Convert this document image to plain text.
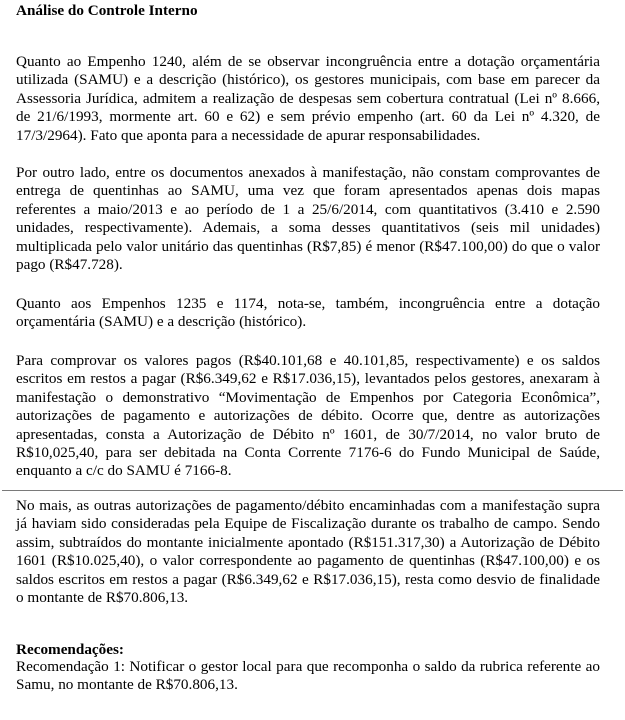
Análise do Controle Interno

Quanto ao Empenho 1240, além de se observar incongruência entre a dotação orçamentária utilizada (SAMU) e a descrição (histórico), os gestores municipais, com base em parecer da Assessoria Jurídica, admitem a realização de despesas sem cobertura contratual (Lei nº 8.666, de 21/6/1993, mormente art. 60 e 62) e sem prévio empenho (art. 60 da Lei nº 4.320, de 17/3/2964). Fato que aponta para a necessidade de apurar responsabilidades.

Por outro lado, entre os documentos anexados à manifestação, não constam comprovantes de entrega de quentinhas ao SAMU, uma vez que foram apresentados apenas dois mapas referentes a maio/2013 e ao período de 1 a 25/6/2014, com quantitativos (3.410 e 2.590 unidades, respectivamente). Ademais, a soma desses quantitativos (seis mil unidades) multiplicada pelo valor unitário das quentinhas (R$7,85) é menor (R$47.100,00) do que o valor pago (R$47.728).

Quanto aos Empenhos 1235 e 1174, nota-se, também, incongruência entre a dotação orçamentária (SAMU) e a descrição (histórico).

Para comprovar os valores pagos (R$40.101,68 e 40.101,85, respectivamente) e os saldos escritos em restos a pagar (R$6.349,62 e R$17.036,15), levantados pelos gestores, anexaram à manifestação o demonstrativo “Movimentação de Empenhos por Categoria Econômica”, autorizações de pagamento e autorizações de débito. Ocorre que, dentre as autorizações apresentadas, consta a Autorização de Débito nº 1601, de 30/7/2014, no valor bruto de R$10,025,40, para ser debitada na Conta Corrente 7176-6 do Fundo Municipal de Saúde, enquanto a c/c do SAMU é 7166-8.

No mais, as outras autorizações de pagamento/débito encaminhadas com a manifestação supra já haviam sido consideradas pela Equipe de Fiscalização durante os trabalho de campo. Sendo assim, subtraídos do montante inicialmente apontado (R$151.317,30) a Autorização de Débito 1601 (R$10.025,40), o valor correspondente ao pagamento de quentinhas (R$47.100,00) e os saldos escritos em restos a pagar (R$6.349,62 e R$17.036,15), resta como desvio de finalidade o montante de R$70.806,13.

Recomendações:

Recomendação 1: Notificar o gestor local para que recomponha o saldo da rubrica referente ao Samu, no montante de R$70.806,13.
